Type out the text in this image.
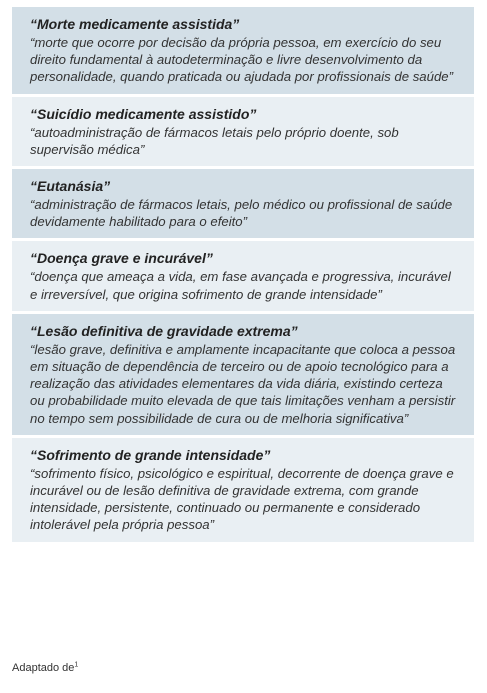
“Morte medicamente assistida”
“morte que ocorre por decisão da própria pessoa, em exercício do seu direito fundamental à autodeterminação e livre desenvolvimento da personalidade, quando praticada ou ajudada por profissionais de saúde”
“Suicídio medicamente assistido”
“autoadministração de fármacos letais pelo próprio doente, sob supervisão médica”
“Eutanásia”
“administração de fármacos letais, pelo médico ou profissional de saúde devidamente habilitado para o efeito”
“Doença grave e incurável”
“doença que ameaça a vida, em fase avançada e progressiva, incurável e irreversível, que origina sofrimento de grande intensidade”
“Lesão definitiva de gravidade extrema”
“lesão grave, definitiva e amplamente incapacitante que coloca a pessoa em situação de dependência de terceiro ou de apoio tecnológico para a realização das atividades elementares da vida diária, existindo certeza ou probabilidade muito elevada de que tais limitações venham a persistir no tempo sem possibilidade de cura ou de melhoria significativa”
“Sofrimento de grande intensidade”
“sofrimento físico, psicológico e espiritual, decorrente de doença grave e incurável ou de lesão definitiva de gravidade extrema, com grande intensidade, persistente, continuado ou permanente e considerado intolerável pela própria pessoa”
Adaptado $de^1$
